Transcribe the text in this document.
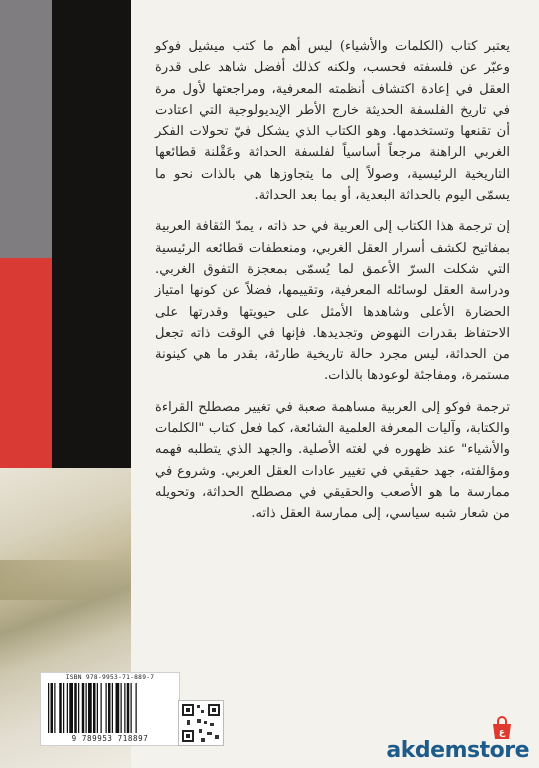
يعتبر كتاب (الكلمات والأشياء) ليس أهم ما كتب ميشيل فوكو وعبّر عن فلسفته فحسب، ولكنه كذلك أفضل شاهد على قدرة العقل في إعادة اكتشاف أنظمته المعرفية، ومراجعتها لأول مرة في تاريخ الفلسفة الحديثة خارج الأطر الإيديولوجية التي اعتادت أن تقنعها وتستخدمها. وهو الكتاب الذي يشكل فيّ تحولات الفكر الغربي الراهنة مرجعاً أساسياً لفلسفة الحداثة وعَقْلنة قطائعها التاريخية الرئيسية، وصولاً إلى ما يتجاوزها هي بالذات نحو ما يسمّى اليوم بالحداثة البعدية، أو بما بعد الحداثة.

إن ترجمة هذا الكتاب إلى العربية في حد ذاته ، يمدّ الثقافة العربية بمفاتيح لكشف أسرار العقل الغربي، ومنعطفات قطائعه الرئيسية التي شكلت السرّ الأعمق لما يُسمّى بمعجزة التفوق الغربي. ودراسة العقل لوسائله المعرفية، وتقييمها، فضلاً عن كونها امتياز الحضارة الأعلى وشاهدها الأمثل على حيويتها وقدرتها على الاحتفاظ بقدرات النهوض وتجديدها. فإنها في الوقت ذاته تجعل من الحداثة، ليس مجرد حالة تاريخية طارئة، بقدر ما هي كينونة مستمرة، ومفاجئة لوعودها بالذات.

ترجمة فوكو إلى العربية مساهمة صعبة في تغيير مصطلح القراءة والكتابة، وآليات المعرفة العلمية الشائعة، كما فعل كتاب "الكلمات والأشياء" عند ظهوره في لغته الأصلية. والجهد الذي يتطلبه فهمه ومؤالفته، جهد حقيقي في تغيير عادات العقل العربي. وشروع في ممارسة ما هو الأصعب والحقيقي في مصطلح الحداثة، وتحويله من شعار شبه سياسي، إلى ممارسة العقل ذاته.

ISBN 978-9953-71-889-7
9 789953 718897
ع
akdemstore
